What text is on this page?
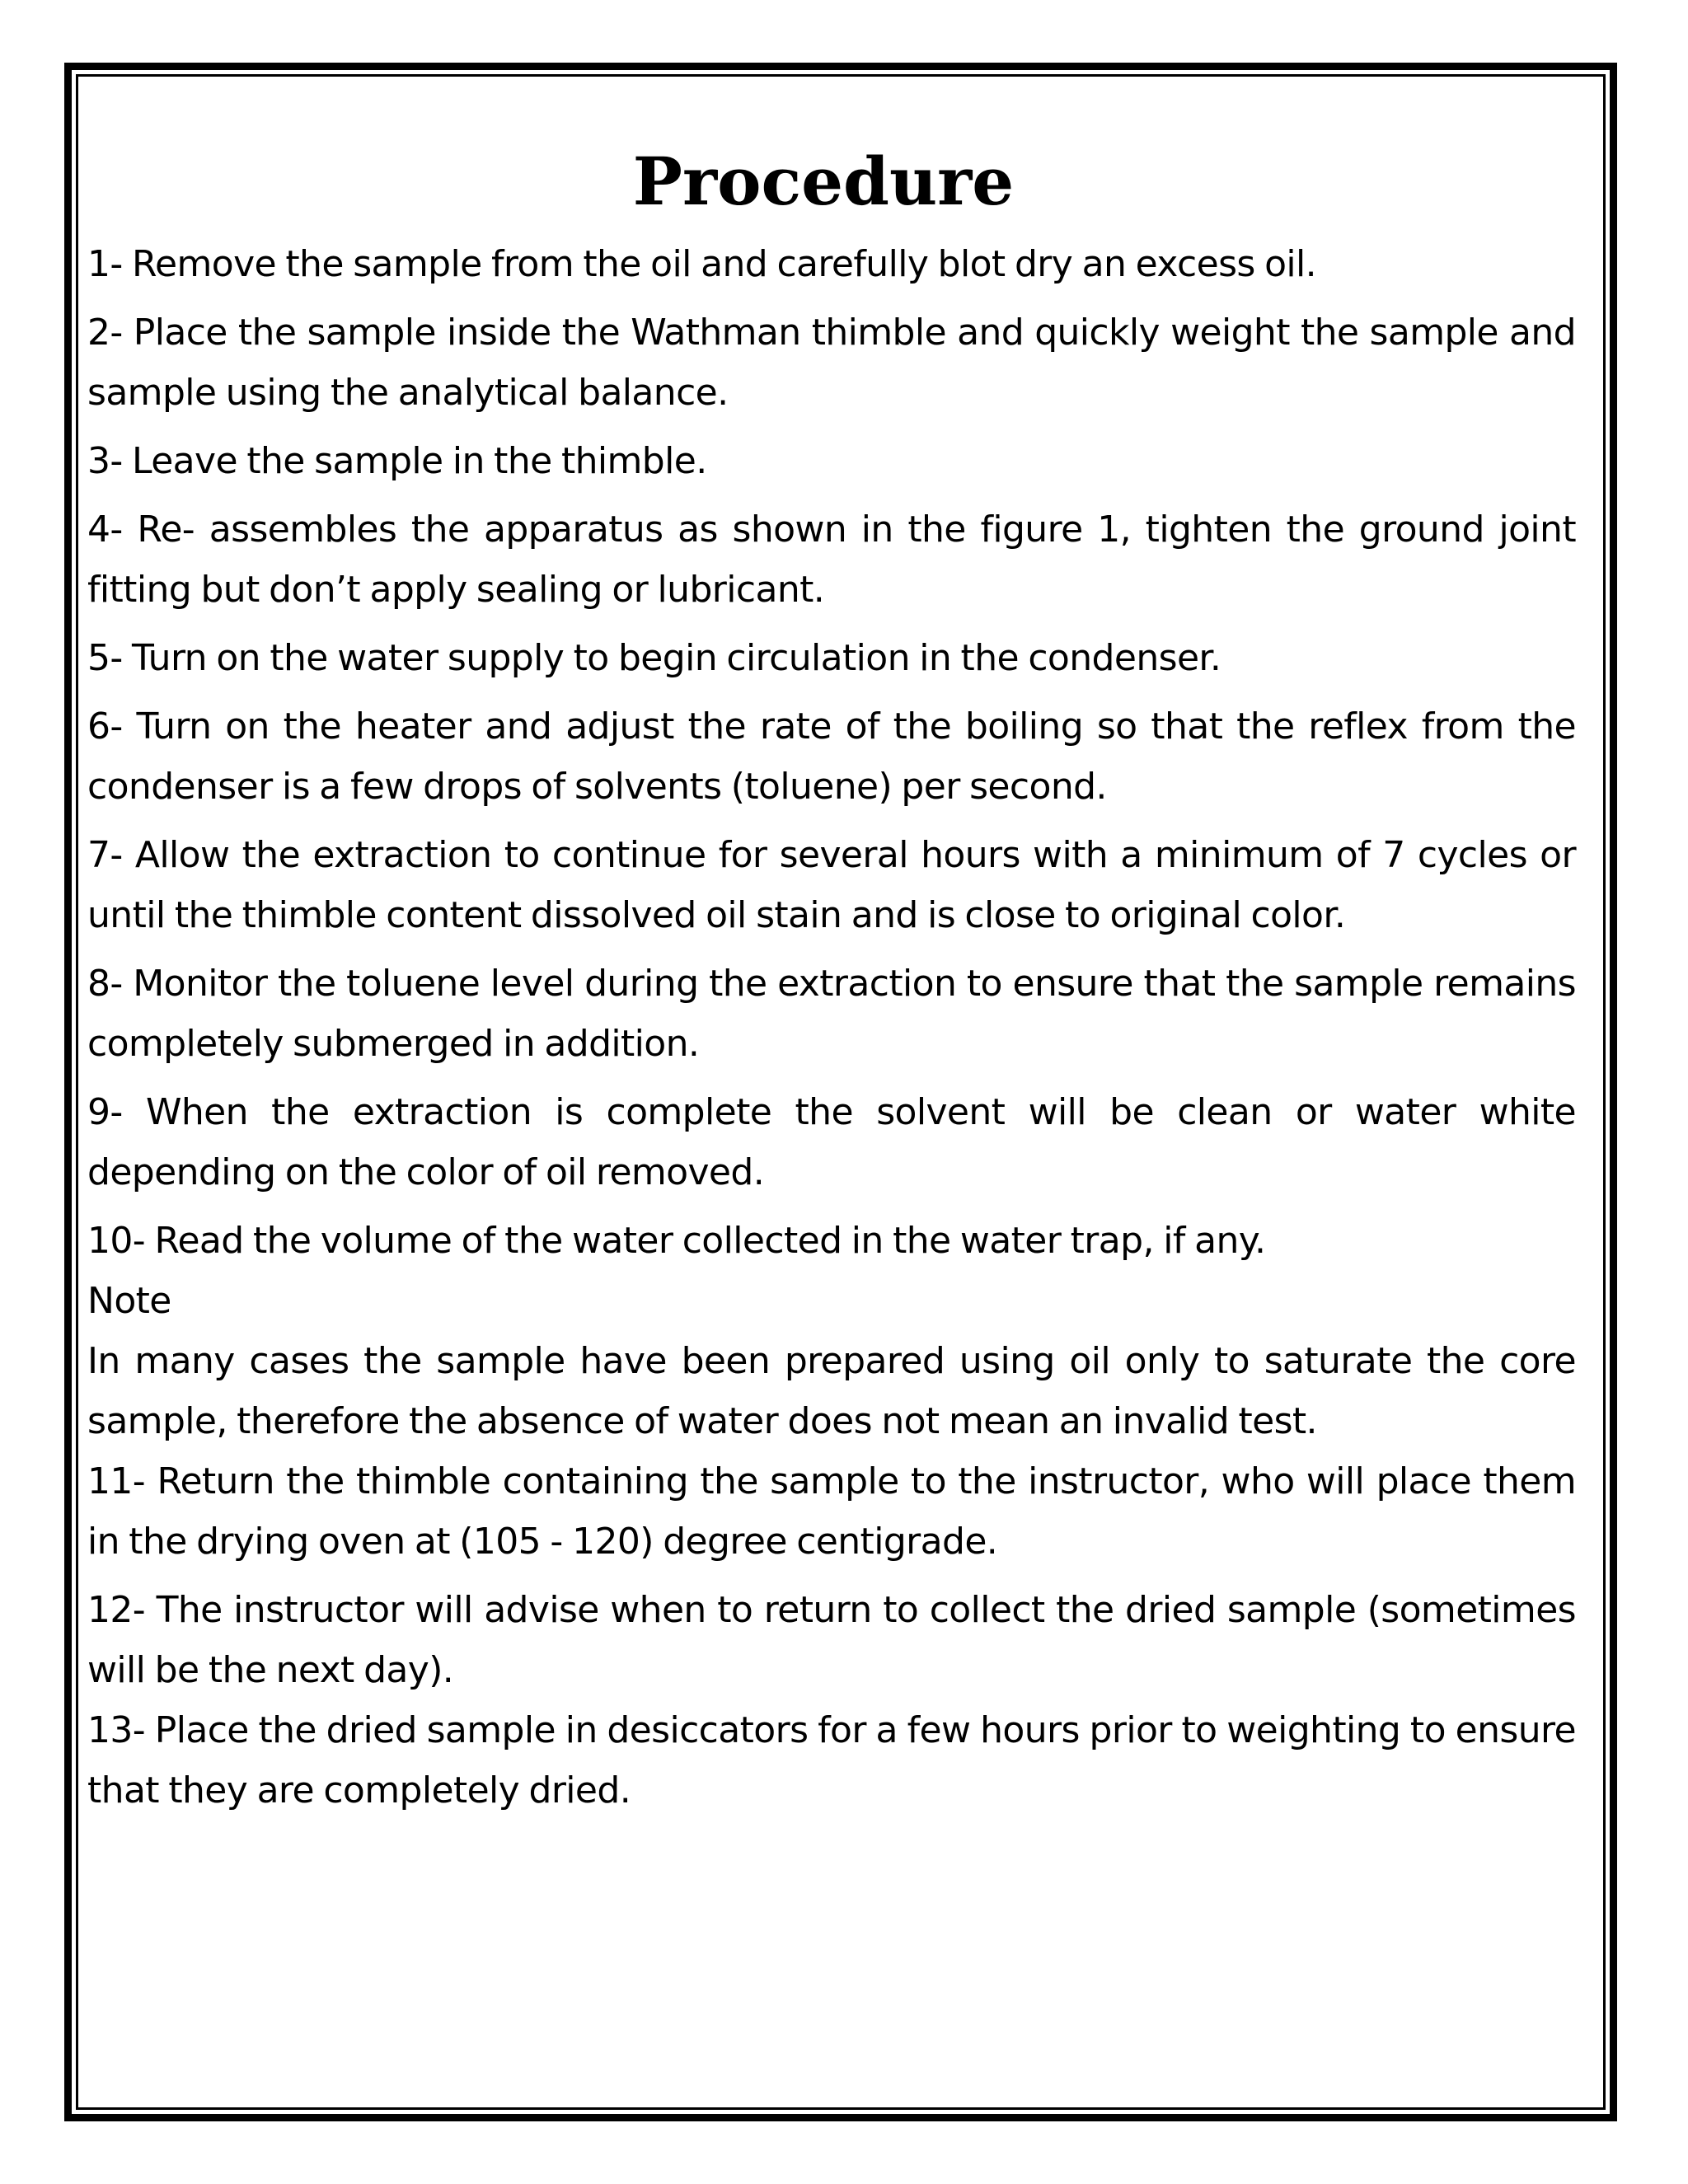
Procedure

1- Remove the sample from the oil and carefully blot dry an excess oil.

2- Place the sample inside the Wathman thimble and quickly weight the sample and sample using the analytical balance.

3- Leave the sample in the thimble.

4- Re- assembles the apparatus as shown in the figure 1, tighten the ground joint fitting but don’t apply sealing or lubricant.

5- Turn on the water supply to begin circulation in the condenser.

6- Turn on the heater and adjust the rate of the boiling so that the reflex from the condenser is a few drops of solvents (toluene) per second.

7- Allow the extraction to continue for several hours with a minimum of 7 cycles or until the thimble content dissolved oil stain and is close to original color.

8- Monitor the toluene level during the extraction to ensure that the sample remains completely submerged in addition.

9- When the extraction is complete the solvent will be clean or water white depending on the color of oil removed.

10- Read the volume of the water collected in the water trap, if any.

Note

In many cases the sample have been prepared using oil only to saturate the core sample, therefore the absence of water does not mean an invalid test.

11- Return the thimble containing the sample to the instructor, who will place them in the drying oven at (105 - 120) degree centigrade.

12- The instructor will advise when to return to collect the dried sample (sometimes will be the next day).

13- Place the dried sample in desiccators for a few hours prior to weighting to ensure that they are completely dried.
